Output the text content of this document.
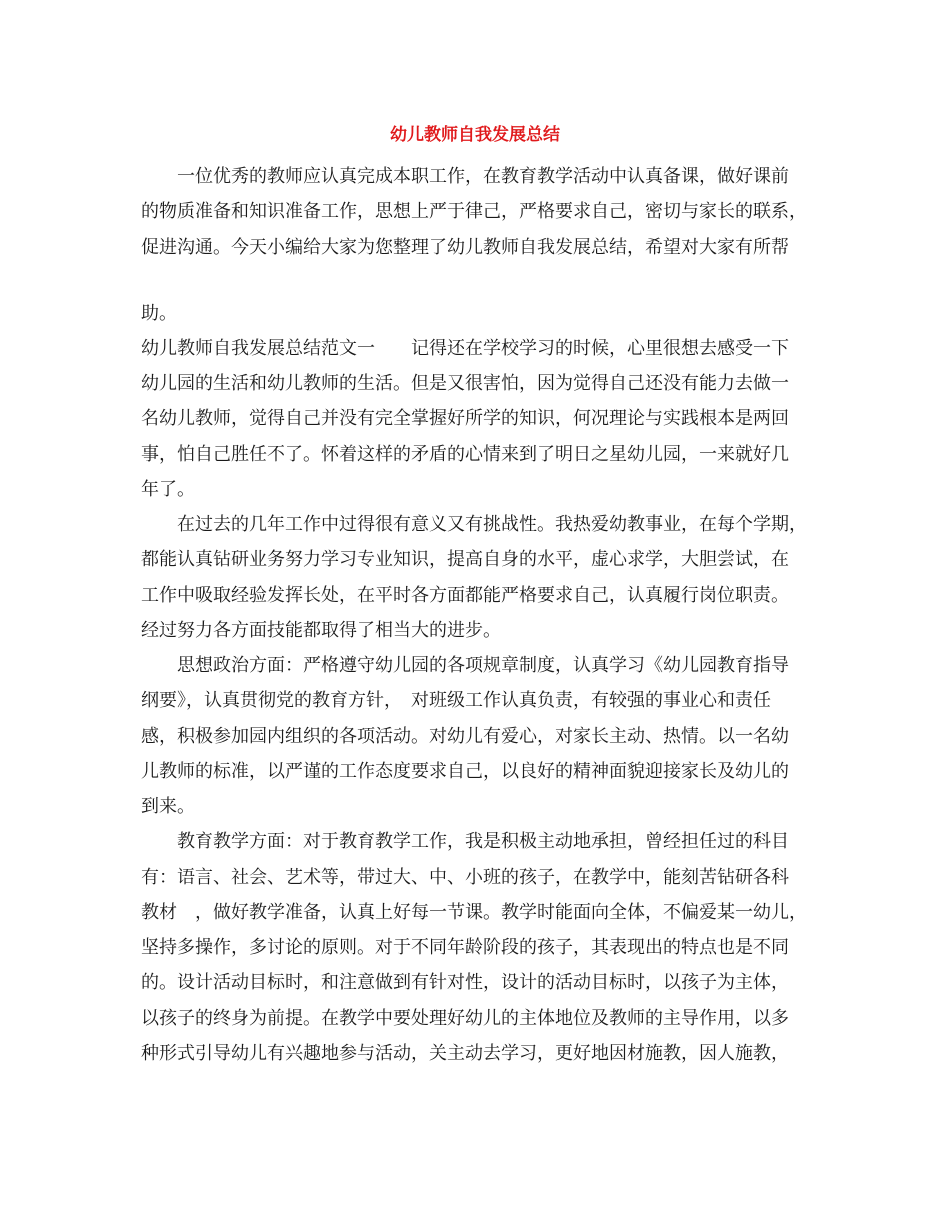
幼儿教师自我发展总结
一位优秀的教师应认真完成本职工作，在教育教学活动中认真备课，做好课前
的物质准备和知识准备工作，思想上严于律己，严格要求自己，密切与家长的联系，
促进沟通。今天小编给大家为您整理了幼儿教师自我发展总结，希望对大家有所帮
助。
幼儿教师自我发展总结范文一　　记得还在学校学习的时候，心里很想去感受一下
幼儿园的生活和幼儿教师的生活。但是又很害怕，因为觉得自己还没有能力去做一
名幼儿教师，觉得自己并没有完全掌握好所学的知识，何况理论与实践根本是两回
事，怕自己胜任不了。怀着这样的矛盾的心情来到了明日之星幼儿园，一来就好几
年了。
在过去的几年工作中过得很有意义又有挑战性。我热爱幼教事业，在每个学期，
都能认真钻研业务努力学习专业知识，提高自身的水平，虚心求学，大胆尝试，在
工作中吸取经验发挥长处，在平时各方面都能严格要求自己，认真履行岗位职责。
经过努力各方面技能都取得了相当大的进步。
思想政治方面：严格遵守幼儿园的各项规章制度，认真学习《幼儿园教育指导
纲要》，认真贯彻党的教育方针，　对班级工作认真负责，有较强的事业心和责任
感，积极参加园内组织的各项活动。对幼儿有爱心，对家长主动、热情。以一名幼
儿教师的标准，以严谨的工作态度要求自己，以良好的精神面貌迎接家长及幼儿的
到来。
教育教学方面：对于教育教学工作，我是积极主动地承担，曾经担任过的科目
有：语言、社会、艺术等，带过大、中、小班的孩子，在教学中，能刻苦钻研各科
教材　，做好教学准备，认真上好每一节课。教学时能面向全体，不偏爱某一幼儿，
坚持多操作，多讨论的原则。对于不同年龄阶段的孩子，其表现出的特点也是不同
的。设计活动目标时，和注意做到有针对性，设计的活动目标时，以孩子为主体，
以孩子的终身为前提。在教学中要处理好幼儿的主体地位及教师的主导作用，以多
种形式引导幼儿有兴趣地参与活动，关主动去学习，更好地因材施教，因人施教，
